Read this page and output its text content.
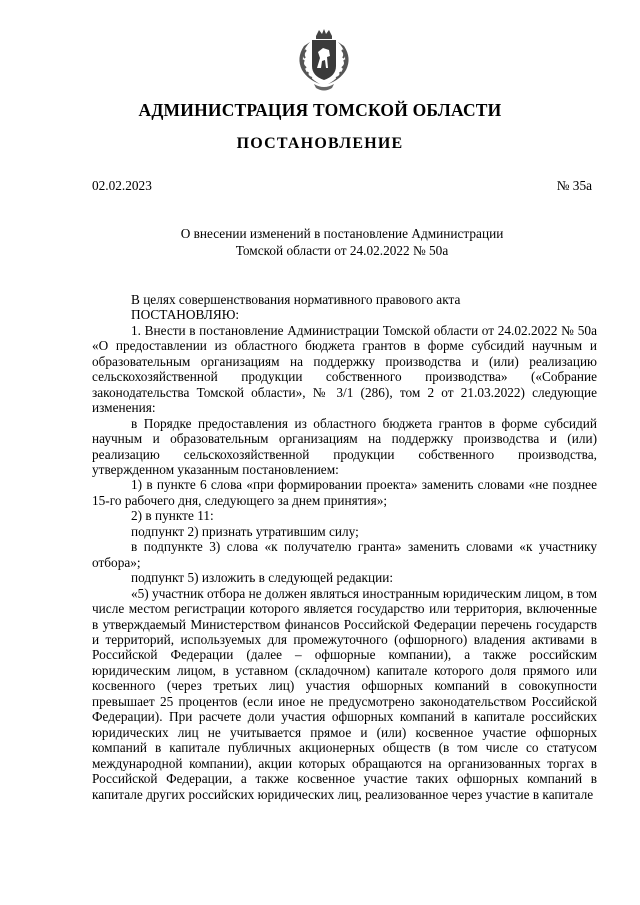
АДМИНИСТРАЦИЯ ТОМСКОЙ ОБЛАСТИ
ПОСТАНОВЛЕНИЕ
02.02.2023	№ 35а
О внесении изменений в постановление Администрации
Томской области от 24.02.2022 № 50а

В целях совершенствования нормативного правового акта

ПОСТАНОВЛЯЮ:

1. Внести в постановление Администрации Томской области от 24.02.2022 № 50а «О предоставлении из областного бюджета грантов в форме субсидий научным и образовательным организациям на поддержку производства и (или) реализацию сельскохозяйственной продукции собственного производства» («Собрание законодательства Томской области», № 3/1 (286), том 2 от 21.03.2022) следующие изменения:

в Порядке предоставления из областного бюджета грантов в форме субсидий научным и образовательным организациям на поддержку производства и (или) реализацию сельскохозяйственной продукции собственного производства, утвержденном указанным постановлением:

1) в пункте 6 слова «при формировании проекта» заменить словами «не позднее 15-го рабочего дня, следующего за днем принятия»;

2) в пункте 11:

подпункт 2) признать утратившим силу;

в подпункте 3) слова «к получателю гранта» заменить словами «к участнику отбора»;

подпункт 5) изложить в следующей редакции:

«5) участник отбора не должен являться иностранным юридическим лицом, в том числе местом регистрации которого является государство или территория, включенные в утверждаемый Министерством финансов Российской Федерации перечень государств и территорий, используемых для промежуточного (офшорного) владения активами в Российской Федерации (далее – офшорные компании), а также российским юридическим лицом, в уставном (складочном) капитале которого доля прямого или косвенного (через третьих лиц) участия офшорных компаний в совокупности превышает 25 процентов (если иное не предусмотрено законодательством Российской Федерации). При расчете доли участия офшорных компаний в капитале российских юридических лиц не учитывается прямое и (или) косвенное участие офшорных компаний в капитале публичных акционерных обществ (в том числе со статусом международной компании), акции которых обращаются на организованных торгах в Российской Федерации, а также косвенное участие таких офшорных компаний в капитале других российских юридических лиц, реализованное через участие в капитале
